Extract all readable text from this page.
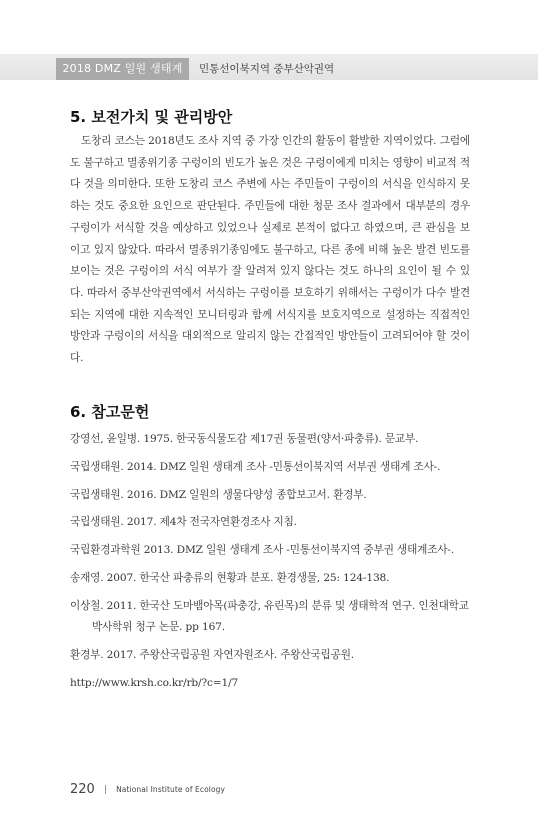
2018 DMZ 일원 생태계 조사
민통선이북지역 중부산악권역
5. 보전가치 및 관리방안

도창리 코스는 2018년도 조사 지역 중 가장 인간의 활동이 활발한 지역이었다. 그럼에도 불구하고 멸종위기종 구렁이의 빈도가 높은 것은 구렁이에게 미치는 영향이 비교적 적다 것을 의미한다. 또한 도창리 코스 주변에 사는 주민들이 구렁이의 서식을 인식하지 못하는 것도 중요한 요인으로 판단된다. 주민들에 대한 청문 조사 결과에서 대부분의 경우 구렁이가 서식할 것을 예상하고 있었으나 실제로 본적이 없다고 하였으며, 큰 관심을 보이고 있지 않았다. 따라서 멸종위기종임에도 불구하고, 다른 종에 비해 높은 발견 빈도를 보이는 것은 구렁이의 서식 여부가 잘 알려져 있지 않다는 것도 하나의 요인이 될 수 있다. 따라서 중부산악권역에서 서식하는 구렁이를 보호하기 위해서는 구렁이가 다수 발견되는 지역에 대한 지속적인 모니터링과 함께 서식지를 보호지역으로 설정하는 직접적인 방안과 구렁이의 서식을 대외적으로 알리지 않는 간접적인 방안들이 고려되어야 할 것이다.

6. 참고문헌
강영선, 윤일병. 1975. 한국동식물도감 제17권 동물편(양서·파충류). 문교부.
국립생태원. 2014. DMZ 일원 생태계 조사 -민통선이북지역 서부권 생태계 조사-.
국립생태원. 2016. DMZ 일원의 생물다양성 종합보고서. 환경부.
국립생태원. 2017. 제4차 전국자연환경조사 지침.
국립환경과학원 2013. DMZ 일원 생태계 조사 -민통선이북지역 중부권 생태계조사-.
송재영. 2007. 한국산 파충류의 현황과 분포. 환경생물, 25: 124-138.
이상철. 2011. 한국산 도마뱀아목(파충강, 유린목)의 분류 및 생태학적 연구. 인천대학교 박사학위 청구 논문. pp 167.
환경부. 2017. 주왕산국립공원 자연자원조사. 주왕산국립공원.
http://www.krsh.co.kr/rb/?c=1/7
220 | National Institute of Ecology
